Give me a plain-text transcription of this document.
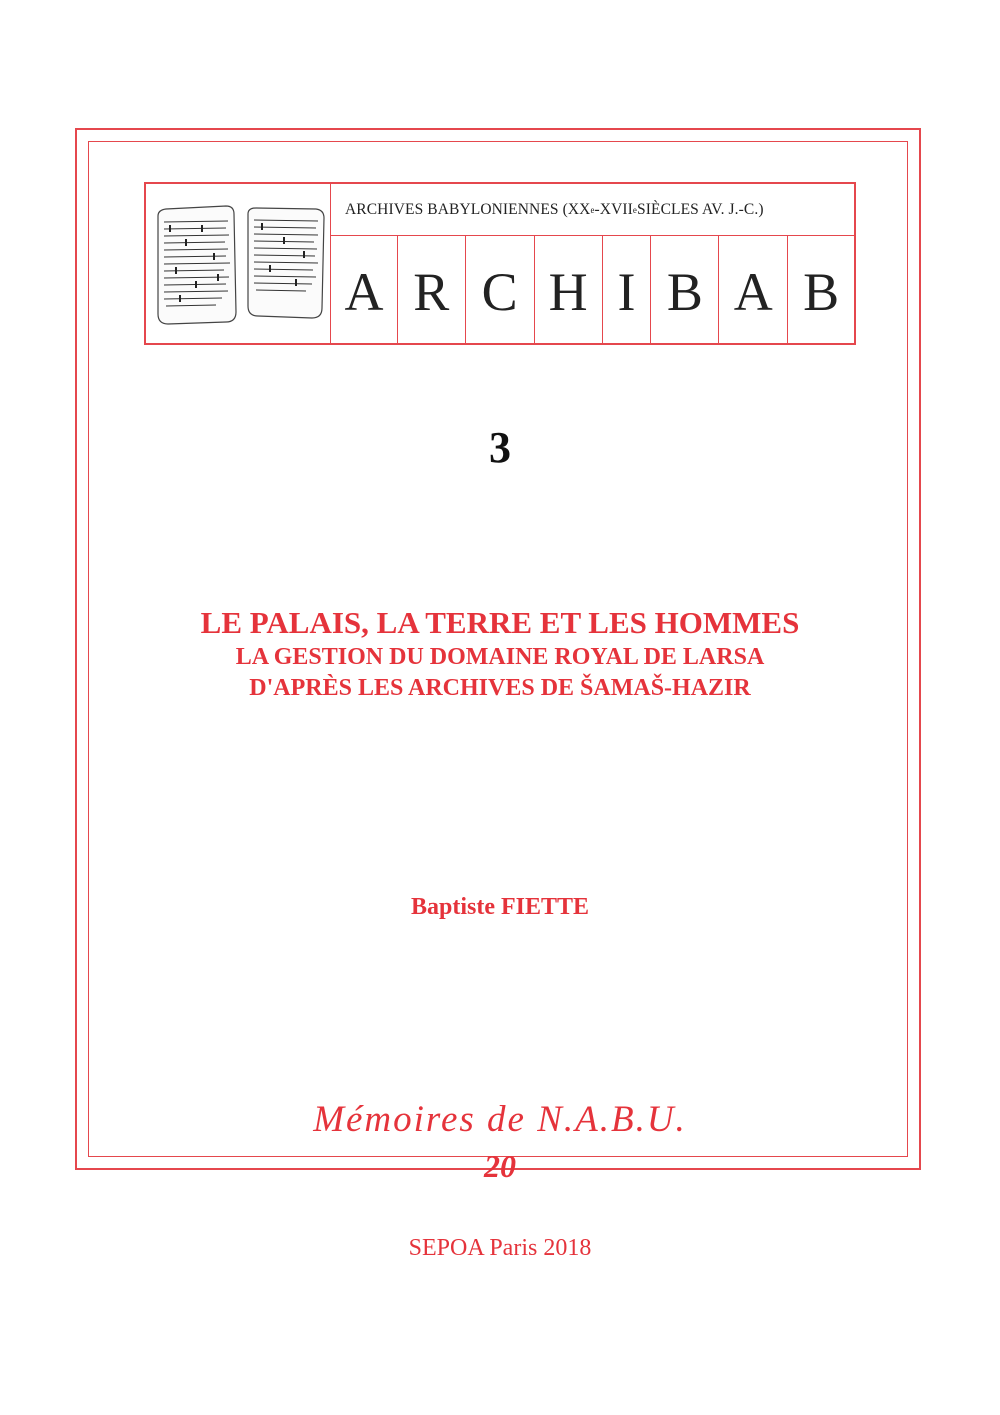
ARCHIVES BABYLONIENNES (XX e -XVII e SIÈCLES AV. J.-C.)
A R C H I B A B
3
LE PALAIS, LA TERRE ET LES HOMMES
LA GESTION DU DOMAINE ROYAL DE LARSA
D'APRÈS LES ARCHIVES DE ŠAMAŠ-HAZIR
Baptiste FIETTE
Mémoires de N.A.B.U.
20
SEPOA Paris 2018
